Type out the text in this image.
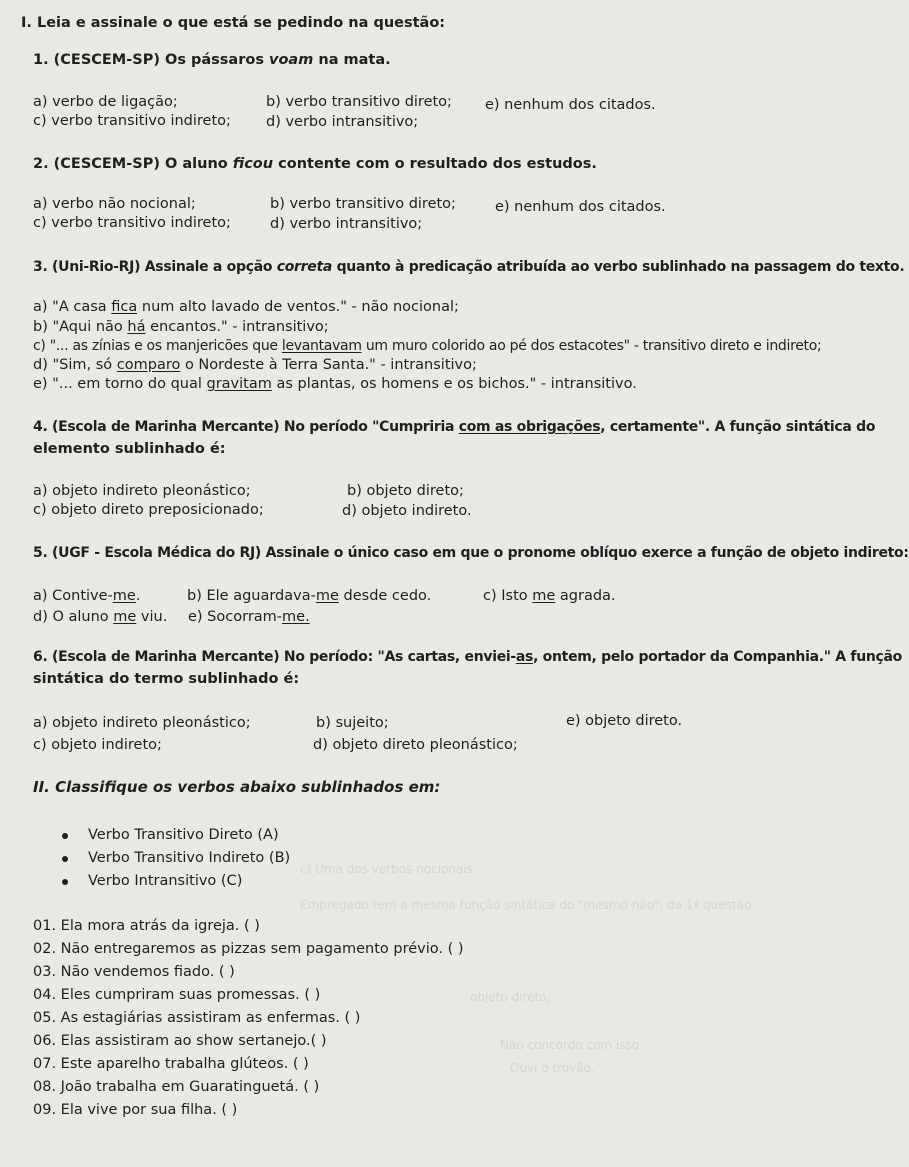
c) Uma dos verbos nocionais
Empregado tem a mesma função sintática do "mesmo não", da 1ª questão
objeto direto;
Não concordo com isso.
Ouvi o trovão.
I. Leia e assinale o que está se pedindo na questão:
1. (CESCEM-SP) Os pássaros voam na mata.
a) verbo de ligação;	b) verbo transitivo direto; e) nenhum dos citados.
c) verbo transitivo indireto; d) verbo intransitivo;
2. (CESCEM-SP) O aluno ficou contente com o resultado dos estudos.
a) verbo não nocional;	b) verbo transitivo direto;	e) nenhum dos citados.
c) verbo transitivo indireto;	d) verbo intransitivo;
3. (Uni-Rio-RJ) Assinale a opção correta quanto à predicação atribuída ao verbo sublinhado na passagem do texto.
a) "A casa fica num alto lavado de ventos." - não nocional;
b) "Aqui não há encantos." - intransitivo;
c) "... as zínias e os manjericões que levantavam um muro colorido ao pé dos estacotes" - transitivo direto e indireto;
d) "Sim, só comparo o Nordeste à Terra Santa." - intransitivo;
e) "... em torno do qual gravitam as plantas, os homens e os bichos." - intransitivo.
4. (Escola de Marinha Mercante) No período "Cumpriria com as obrigações, certamente". A função sintática do
elemento sublinhado é:
a) objeto indireto pleonástico;	b) objeto direto;
c) objeto direto preposicionado;	d) objeto indireto.
5. (UGF - Escola Médica do RJ) Assinale o único caso em que o pronome oblíquo exerce a função de objeto indireto:
a) Contive-me.	b) Ele aguardava-me desde cedo.	c) Isto me agrada.
d) O aluno me viu. e) Socorram-me.
6. (Escola de Marinha Mercante) No período: "As cartas, enviei-as, ontem, pelo portador da Companhia." A função
sintática do termo sublinhado é:
a) objeto indireto pleonástico;	b) sujeito;	e) objeto direto.
c) objeto indireto;	d) objeto direto pleonástico;
II. Classifique os verbos abaixo sublinhados em:
Verbo Transitivo Direto (A)
Verbo Transitivo Indireto (B)
Verbo Intransitivo (C)
01. Ela mora atrás da igreja. ( )
02. Não entregaremos as pizzas sem pagamento prévio. ( )
03. Não vendemos fiado. ( )
04. Eles cumpriram suas promessas. ( )
05. As estagiárias assistiram as enfermas. ( )
06. Elas assistiram ao show sertanejo.( )
07. Este aparelho trabalha glúteos. ( )
08. João trabalha em Guaratinguetá. ( )
09. Ela vive por sua filha. ( )
